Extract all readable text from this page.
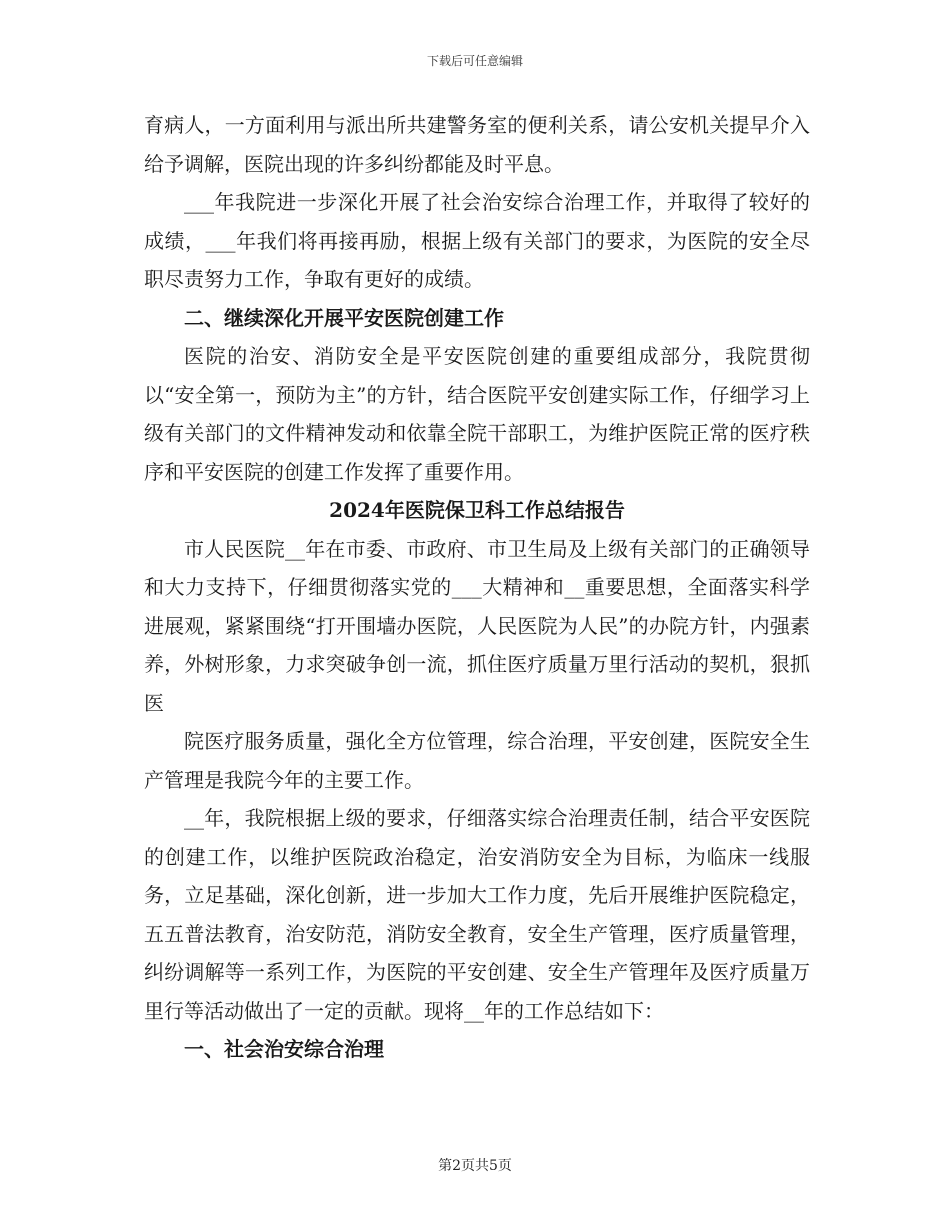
下载后可任意编辑

育病人，一方面利用与派出所共建警务室的便利关系，请公安机关提早介入给予调解，医院出现的许多纠纷都能及时平息。

___年我院进一步深化开展了社会治安综合治理工作，并取得了较好的成绩，___年我们将再接再励，根据上级有关部门的要求，为医院的安全尽职尽责努力工作，争取有更好的成绩。

二、继续深化开展平安医院创建工作

医院的治安、消防安全是平安医院创建的重要组成部分，我院贯彻以“安全第一，预防为主”的方针，结合医院平安创建实际工作，仔细学习上级有关部门的文件精神发动和依靠全院干部职工，为维护医院正常的医疗秩序和平安医院的创建工作发挥了重要作用。

2024年医院保卫科工作总结报告

市人民医院__年在市委、市政府、市卫生局及上级有关部门的正确领导和大力支持下，仔细贯彻落实党的___大精神和__重要思想，全面落实科学进展观，紧紧围绕“打开围墙办医院，人民医院为人民”的办院方针，内强素养，外树形象，力求突破争创一流，抓住医疗质量万里行活动的契机，狠抓医

院医疗服务质量，强化全方位管理，综合治理，平安创建，医院安全生产管理是我院今年的主要工作。

__年，我院根据上级的要求，仔细落实综合治理责任制，结合平安医院的创建工作，以维护医院政治稳定，治安消防安全为目标，为临床一线服务，立足基础，深化创新，进一步加大工作力度，先后开展维护医院稳定，五五普法教育，治安防范，消防安全教育，安全生产管理，医疗质量管理，纠纷调解等一系列工作，为医院的平安创建、安全生产管理年及医疗质量万里行等活动做出了一定的贡献。现将__年的工作总结如下：

一、社会治安综合治理
第2页共5页
